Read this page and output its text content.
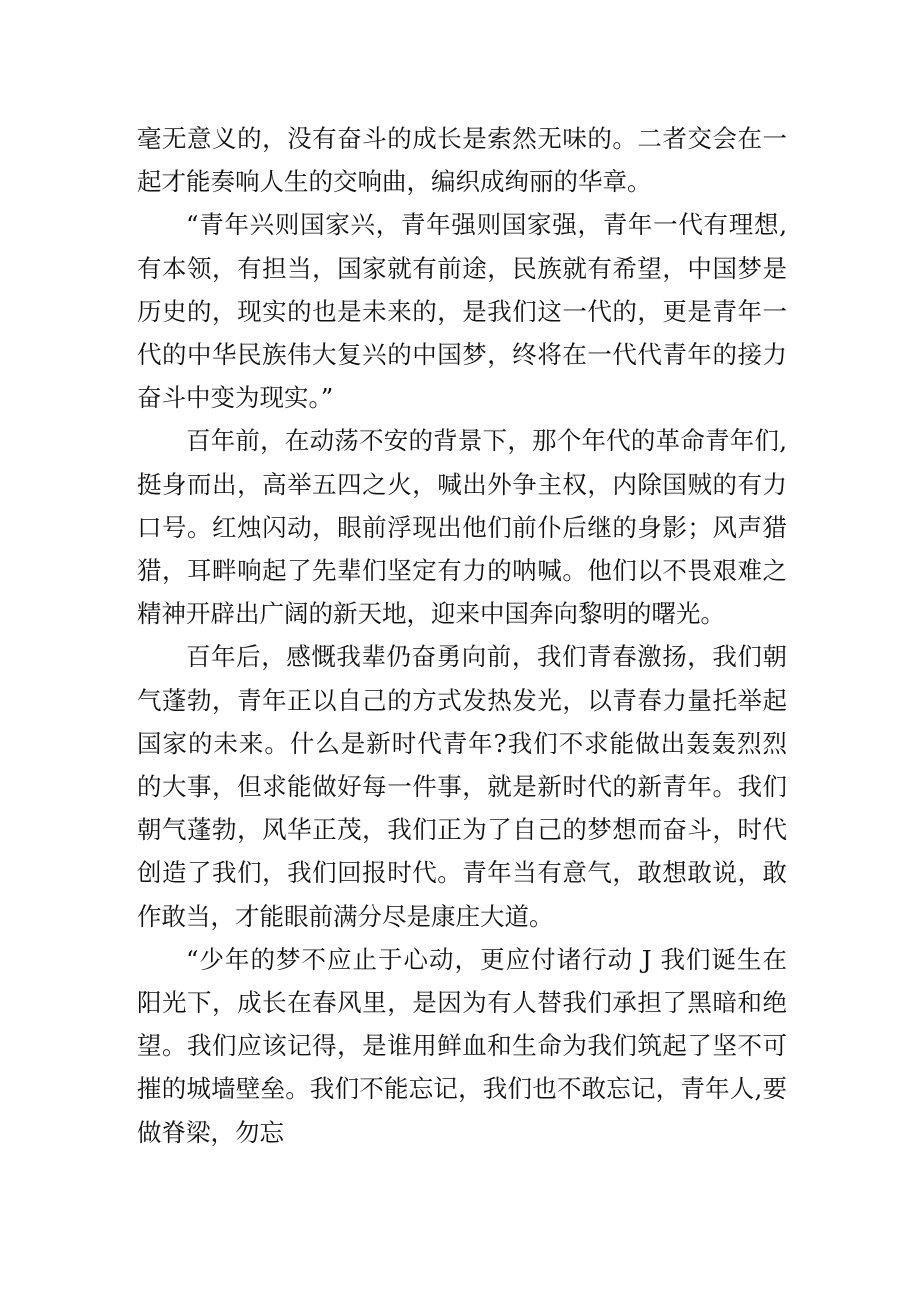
毫无意义的，没有奋斗的成长是索然无味的。二者交会在一起才能奏响人生的交响曲，编织成绚丽的华章。

“青年兴则国家兴，青年强则国家强，青年一代有理想,有本领，有担当，国家就有前途，民族就有希望，中国梦是历史的，现实的也是未来的，是我们这一代的，更是青年一代的中华民族伟大复兴的中国梦，终将在一代代青年的接力奋斗中变为现实。”

百年前，在动荡不安的背景下，那个年代的革命青年们,挺身而出，高举五四之火，喊出外争主权，内除国贼的有力口号。红烛闪动，眼前浮现出他们前仆后继的身影；风声猎猎，耳畔响起了先辈们坚定有力的呐喊。他们以不畏艰难之精神开辟出广阔的新天地，迎来中国奔向黎明的曙光。

百年后，感慨我辈仍奋勇向前，我们青春激扬，我们朝气蓬勃，青年正以自己的方式发热发光，以青春力量托举起国家的未来。什么是新时代青年?我们不求能做出轰轰烈烈的大事，但求能做好每一件事，就是新时代的新青年。我们朝气蓬勃，风华正茂，我们正为了自己的梦想而奋斗，时代创造了我们，我们回报时代。青年当有意气，敢想敢说，敢作敢当，才能眼前满分尽是康庄大道。

“少年的梦不应止于心动，更应付诸行动 J 我们诞生在阳光下，成长在春风里，是因为有人替我们承担了黑暗和绝望。我们应该记得，是谁用鲜血和生命为我们筑起了坚不可摧的城墙壁垒。我们不能忘记，我们也不敢忘记，青年人,要做脊梁，勿忘
